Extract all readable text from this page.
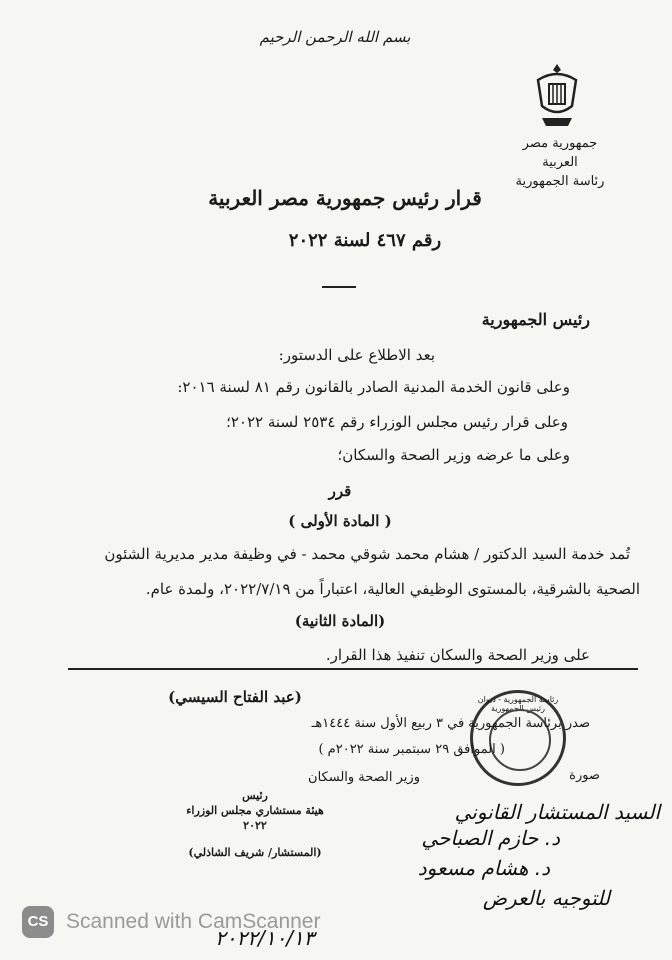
بسم الله الرحمن الرحيم
جمهورية مصر العربية
رئاسة الجمهورية
قرار رئيس جمهورية مصر العربية
رقم ٤٦٧ لسنة ٢٠٢٢
رئيس الجمهورية
بعد الاطلاع على الدستور:
وعلى قانون الخدمة المدنية الصادر بالقانون رقم ٨١ لسنة ٢٠١٦:
وعلى قرار رئيس مجلس الوزراء رقم ٢٥٣٤ لسنة ٢٠٢٢؛
وعلى ما عرضه وزير الصحة والسكان؛
قرر
( المادة الأولى )
تُمد خدمة السيد الدكتور / هشام محمد شوقي محمد - في وظيفة مدير مديرية الشئون
الصحية بالشرقية، بالمستوى الوظيفي العالية، اعتباراً من ٢٠٢٢/٧/١٩، ولمدة عام.
(المادة الثانية)
على وزير الصحة والسكان تنفيذ هذا القرار.
(عبد الفتاح السيسي)	رئاسة الجمهورية - ديوان رئيس الجمهورية
صدر برئاسة الجمهورية في ٣ ربيع الأول سنة ١٤٤٤هـ
( الموافق ٢٩ سبتمبر سنة ٢٠٢٢م )
صورة
وزير الصحة والسكان
رئيس
هيئة مستشاري مجلس الوزراء
٢٠٢٢
(المستشار/ شريف الشاذلي)
السيد المستشار القانوني
د. حازم الصباحي
د. هشام مسعود
للتوجيه بالعرض
٢٠٢٢/١٠/١٣
CS Scanned with CamScanner
